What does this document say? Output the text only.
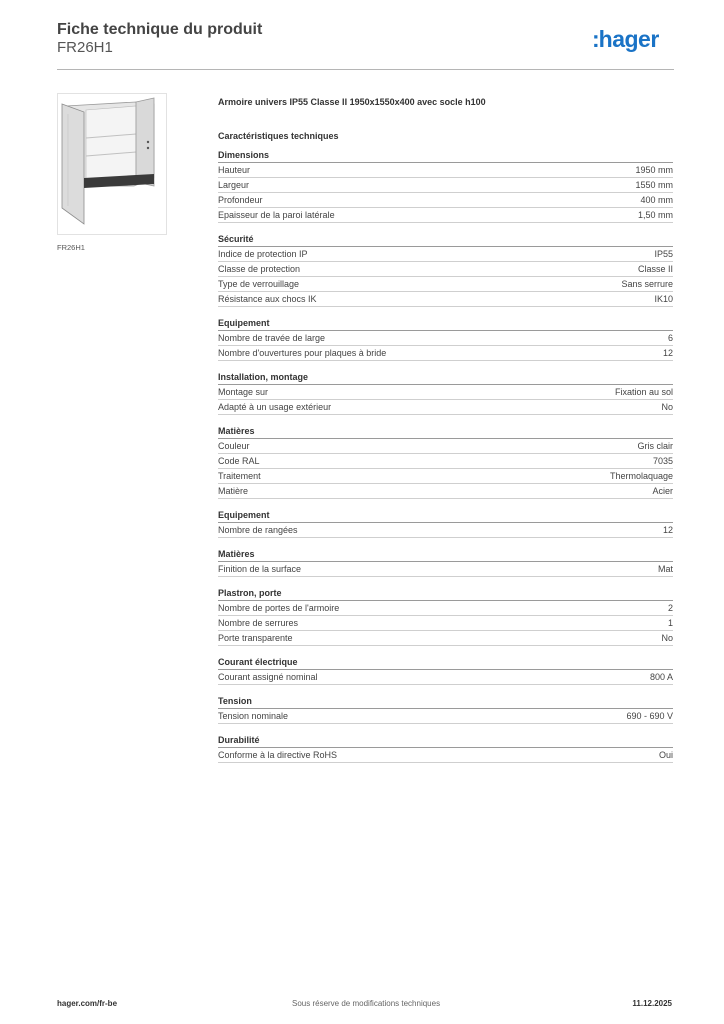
Fiche technique du produit
FR26H1	:hager
FR26H1
Armoire univers IP55 Classe II 1950x1550x400 avec socle h100
Caractéristiques techniques
Dimensions
Hauteur	1950 mm
Largeur	1550 mm
Profondeur	400 mm
Epaisseur de la paroi latérale	1,50 mm
Sécurité
Indice de protection IP	IP55
Classe de protection	Classe II
Type de verrouillage	Sans serrure
Résistance aux chocs IK	IK10
Equipement
Nombre de travée de large	6
Nombre d'ouvertures pour plaques à bride	12
Installation, montage
Montage sur	Fixation au sol
Adapté à un usage extérieur	No
Matières
Couleur	Gris clair
Code RAL	7035
Traitement	Thermolaquage
Matière	Acier
Equipement
Nombre de rangées	12
Matières
Finition de la surface	Mat
Plastron, porte
Nombre de portes de l'armoire	2
Nombre de serrures	1
Porte transparente	No
Courant électrique
Courant assigné nominal	800 A
Tension
Tension nominale	690 - 690 V
Durabilité
Conforme à la directive RoHS	Oui
hager.com/fr-be	Sous réserve de modifications techniques	11.12.2025
